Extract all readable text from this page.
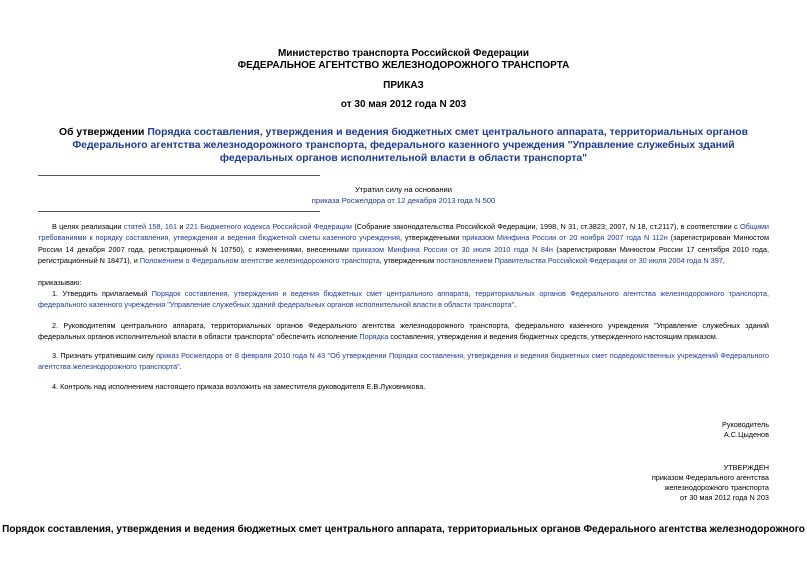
Министерство транспорта Российской Федерации
ФЕДЕРАЛЬНОЕ АГЕНТСТВО ЖЕЛЕЗНОДОРОЖНОГО ТРАНСПОРТА
ПРИКАЗ
от 30 мая 2012 года N 203
Об утверждении Порядка составления, утверждения и ведения бюджетных смет центрального аппарата, территориальных органов Федерального агентства железнодорожного транспорта, федерального казенного учреждения "Управление служебных зданий федеральных органов исполнительной власти в области транспорта"
Утратил силу на основании
приказа Росжелдора от 12 декабря 2013 года N 500

В целях реализации статей 158, 161 и 221 Бюджетного кодекса Российской Федерации (Собрание законодательства Российской Федерации, 1998, N 31, ст.3823; 2007, N 18, ст.2117), в соответствии с Общими требованиями к порядку составления, утверждения и ведения бюджетной сметы казенного учреждения, утвержденными приказом Минфина России от 20 ноября 2007 года N 112н (зарегистрирован Минюстом России 14 декабря 2007 года, регистрационный N 10750), с изменениями, внесенными приказом Минфина России от 30 июля 2010 года N 84н (зарегистрирован Минюстом России 17 сентября 2010 года, регистрационный N 18471), и Положением о Федеральном агентстве железнодорожного транспорта, утвержденным постановлением Правительства Российской Федерации от 30 июля 2004 года N 397,

приказываю:

1. Утвердить прилагаемый Порядок составления, утверждения и ведения бюджетных смет центрального аппарата, территориальных органов Федерального агентства железнодорожного транспорта, федерального казенного учреждения "Управление служебных зданий федеральных органов исполнительной власти в области транспорта".

2. Руководителям центрального аппарата, территориальных органов Федерального агентства железнодорожного транспорта, федерального казенного учреждения "Управление служебных зданий федеральных органов исполнительной власти в области транспорта" обеспечить исполнение Порядка составления, утверждения и ведения бюджетных средств, утвержденного настоящим приказом.

3. Признать утратившим силу приказ Росжелдора от 8 февраля 2010 года N 43 "Об утверждении Порядка составления, утверждения и ведения бюджетных смет подведомственных учреждений Федерального агентства железнодорожного транспорта".

4. Контроль над исполнением настоящего приказа возложить на заместителя руководителя Е.В.Луковникова.

Руководитель
А.С.Цыденов
УТВЕРЖДЕН
приказом Федерального агентства
железнодорожного транспорта
от 30 мая 2012 года N 203
Порядок составления, утверждения и ведения бюджетных смет центрального аппарата, территориальных органов Федерального агентства железнодорожного
